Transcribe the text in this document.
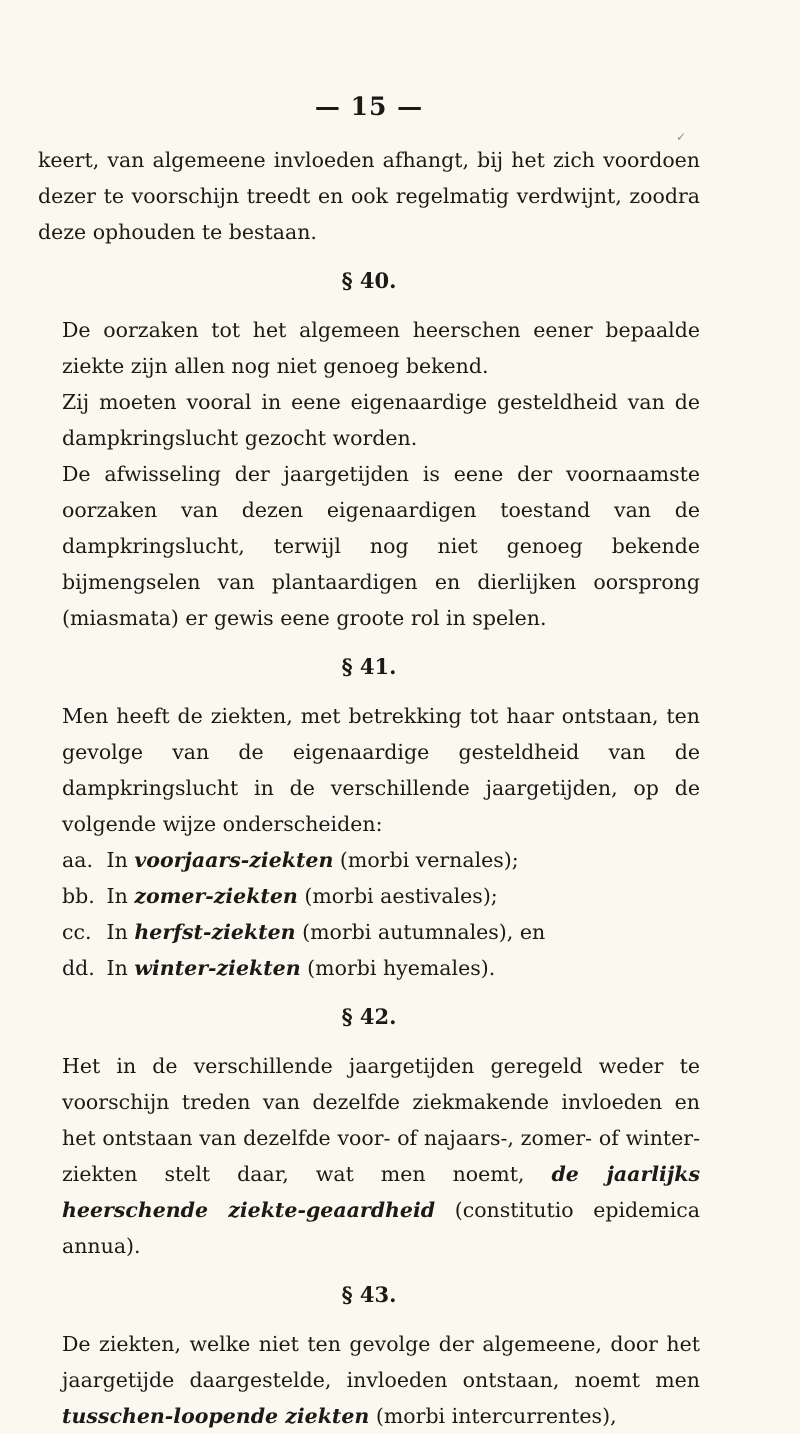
— 15 —
✓

keert, van algemeene invloeden afhangt, bij het zich voordoen dezer te voorschijn treedt en ook regelmatig verdwijnt, zoodra deze ophouden te bestaan.

§ 40.

De oorzaken tot het algemeen heerschen eener bepaalde ziekte zijn allen nog niet genoeg bekend.

Zij moeten vooral in eene eigenaardige gesteldheid van de dampkringslucht gezocht worden.

De afwisseling der jaargetijden is eene der voornaamste oorzaken van dezen eigenaardigen toestand van de dampkringslucht, terwijl nog niet genoeg bekende bijmengselen van plantaardigen en dierlijken oorsprong (miasmata) er gewis eene groote rol in spelen.

§ 41.

Men heeft de ziekten, met betrekking tot haar ontstaan, ten gevolge van de eigenaardige gesteldheid van de dampkringslucht in de verschillende jaargetijden, op de volgende wijze onderscheiden:

aa. In voorjaars-ziekten (morbi vernales);
bb. In zomer-ziekten (morbi aestivales);
cc. In herfst-ziekten (morbi autumnales), en
dd. In winter-ziekten (morbi hyemales).
§ 42.

Het in de verschillende jaargetijden geregeld weder te voorschijn treden van dezelfde ziekmakende invloeden en het ontstaan van dezelfde voor- of najaars-, zomer- of winter-ziekten stelt daar, wat men noemt, de jaarlijks heerschende ziekte-geaardheid (constitutio epidemica annua).

§ 43.

De ziekten, welke niet ten gevolge der algemeene, door het jaargetijde daargestelde, invloeden ontstaan, noemt men tusschen-loopende ziekten (morbi intercurrentes),
